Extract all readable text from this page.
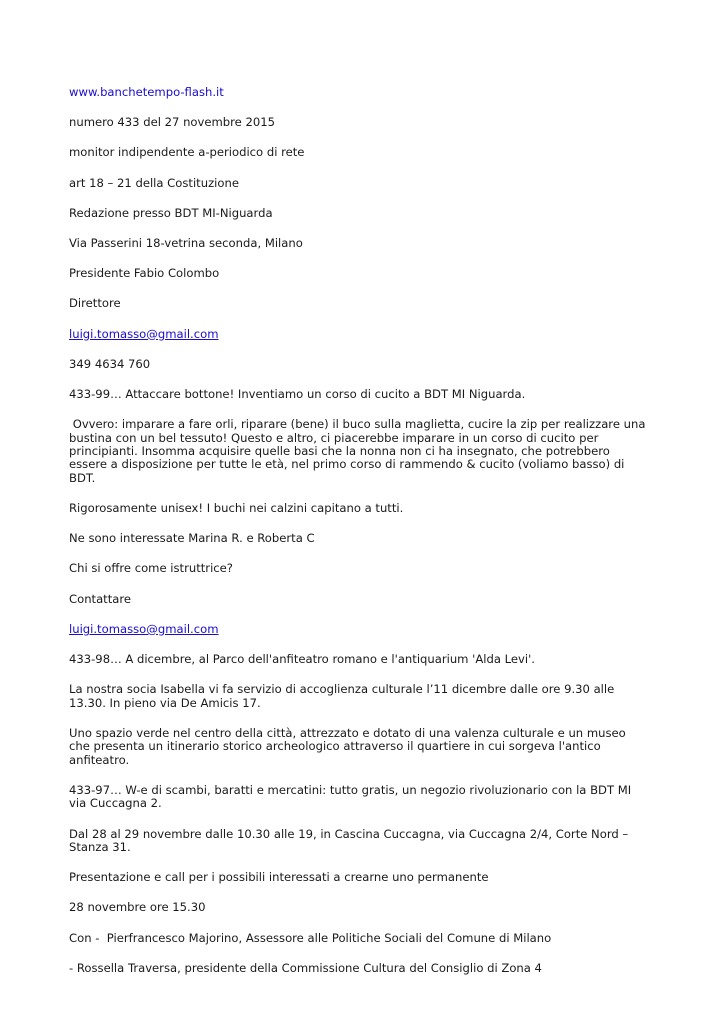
www.banchetempo-flash.it

numero 433 del 27 novembre 2015

monitor indipendente a-periodico di rete

art 18 – 21 della Costituzione

Redazione presso BDT MI-Niguarda

Via Passerini 18-vetrina seconda, Milano

Presidente Fabio Colombo

Direttore

luigi.tomasso@gmail.com

349 4634 760

433-99… Attaccare bottone! Inventiamo un corso di cucito a BDT MI Niguarda.

Ovvero: imparare a fare orli, riparare (bene) il buco sulla maglietta, cucire la zip per realizzare una bustina con un bel tessuto! Questo e altro, ci piacerebbe imparare in un corso di cucito per principianti. Insomma acquisire quelle basi che la nonna non ci ha insegnato, che potrebbero essere a disposizione per tutte le età, nel primo corso di rammendo & cucito (voliamo basso) di BDT.

Rigorosamente unisex! I buchi nei calzini capitano a tutti.

Ne sono interessate Marina R. e Roberta C

Chi si offre come istruttrice?

Contattare

luigi.tomasso@gmail.com

433-98… A dicembre, al Parco dell'anfiteatro romano e l'antiquarium 'Alda Levi'.

La nostra socia Isabella vi fa servizio di accoglienza culturale l’11 dicembre dalle ore 9.30 alle 13.30. In pieno via De Amicis 17.

Uno spazio verde nel centro della città, attrezzato e dotato di una valenza culturale e un museo che presenta un itinerario storico archeologico attraverso il quartiere in cui sorgeva l'antico anfiteatro.

433-97… W-e di scambi, baratti e mercatini: tutto gratis, un negozio rivoluzionario con la BDT MI via Cuccagna 2.

Dal 28 al 29 novembre dalle 10.30 alle 19, in Cascina Cuccagna, via Cuccagna 2/4, Corte Nord – Stanza 31.

Presentazione e call per i possibili interessati a crearne uno permanente

28 novembre ore 15.30

Con -  Pierfrancesco Majorino, Assessore alle Politiche Sociali del Comune di Milano

- Rossella Traversa, presidente della Commissione Cultura del Consiglio di Zona 4
